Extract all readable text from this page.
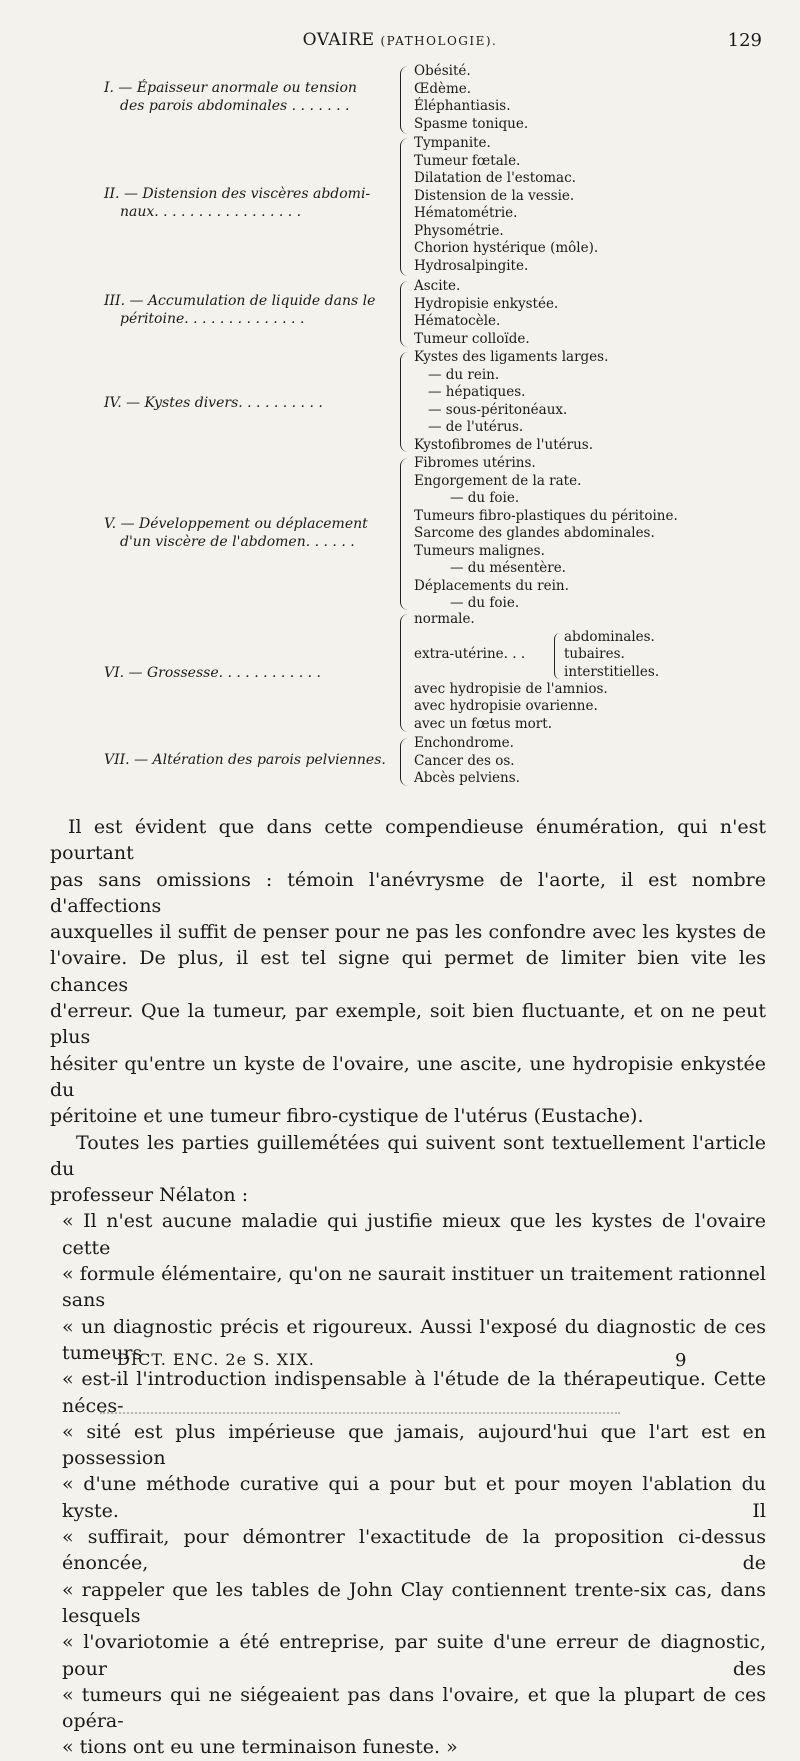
OVAIRE (PATHOLOGIE).	129
I. — Épaisseur anormale ou tension
des parois abdominales . . . . . . .
Obésité.
Œdème.
Éléphantiasis.
Spasme tonique.
II. — Distension des viscères abdomi-
naux. . . . . . . . . . . . . . . . .
Tympanite.
Tumeur fœtale.
Dilatation de l'estomac.
Distension de la vessie.
Hématométrie.
Physométrie.
Chorion hystérique (môle).
Hydrosalpingite.
III. — Accumulation de liquide dans le
péritoine. . . . . . . . . . . . . .
Ascite.
Hydropisie enkystée.
Hématocèle.
Tumeur colloïde.
IV. — Kystes divers. . . . . . . . . .
Kystes des ligaments larges.
— du rein.
— hépatiques.
— sous-péritonéaux.
— de l'utérus.
Kystofibromes de l'utérus.
V. — Développement ou déplacement
d'un viscère de l'abdomen. . . . . .
Fibromes utérins.
Engorgement de la rate.
— du foie.
Tumeurs fibro-plastiques du péritoine.
Sarcome des glandes abdominales.
Tumeurs malignes.
— du mésentère.
Déplacements du rein.
— du foie.
VI. — Grossesse. . . . . . . . . . . .
normale.
extra-utérine. . .
abdominales.
tubaires.
interstitielles.
avec hydropisie de l'amnios.
avec hydropisie ovarienne.
avec un fœtus mort.
VII. — Altération des parois pelviennes.
Enchondrome.
Cancer des os.
Abcès pelviens.

Il est évident que dans cette compendieuse énumération, qui n'est pourtant
pas sans omissions : témoin l'anévrysme de l'aorte, il est nombre d'affections
auxquelles il suffit de penser pour ne pas les confondre avec les kystes de
l'ovaire. De plus, il est tel signe qui permet de limiter bien vite les chances
d'erreur. Que la tumeur, par exemple, soit bien fluctuante, et on ne peut plus
hésiter qu'entre un kyste de l'ovaire, une ascite, une hydropisie enkystée du
péritoine et une tumeur fibro-cystique de l'utérus (Eustache).

Toutes les parties guillemétées qui suivent sont textuellement l'article du
professeur Nélaton :

« Il n'est aucune maladie qui justifie mieux que les kystes de l'ovaire cette
« formule élémentaire, qu'on ne saurait instituer un traitement rationnel sans
« un diagnostic précis et rigoureux. Aussi l'exposé du diagnostic de ces tumeurs
« est-il l'introduction indispensable à l'étude de la thérapeutique. Cette néces-
« sité est plus impérieuse que jamais, aujourd'hui que l'art est en possession
« d'une méthode curative qui a pour but et pour moyen l'ablation du kyste. Il
« suffirait, pour démontrer l'exactitude de la proposition ci-dessus énoncée, de
« rappeler que les tables de John Clay contiennent trente-six cas, dans lesquels
« l'ovariotomie a été entreprise, par suite d'une erreur de diagnostic, pour des
« tumeurs qui ne siégeaient pas dans l'ovaire, et que la plupart de ces opéra-
« tions ont eu une terminaison funeste. »

DICT. ENC. 2e S. XIX.	9
